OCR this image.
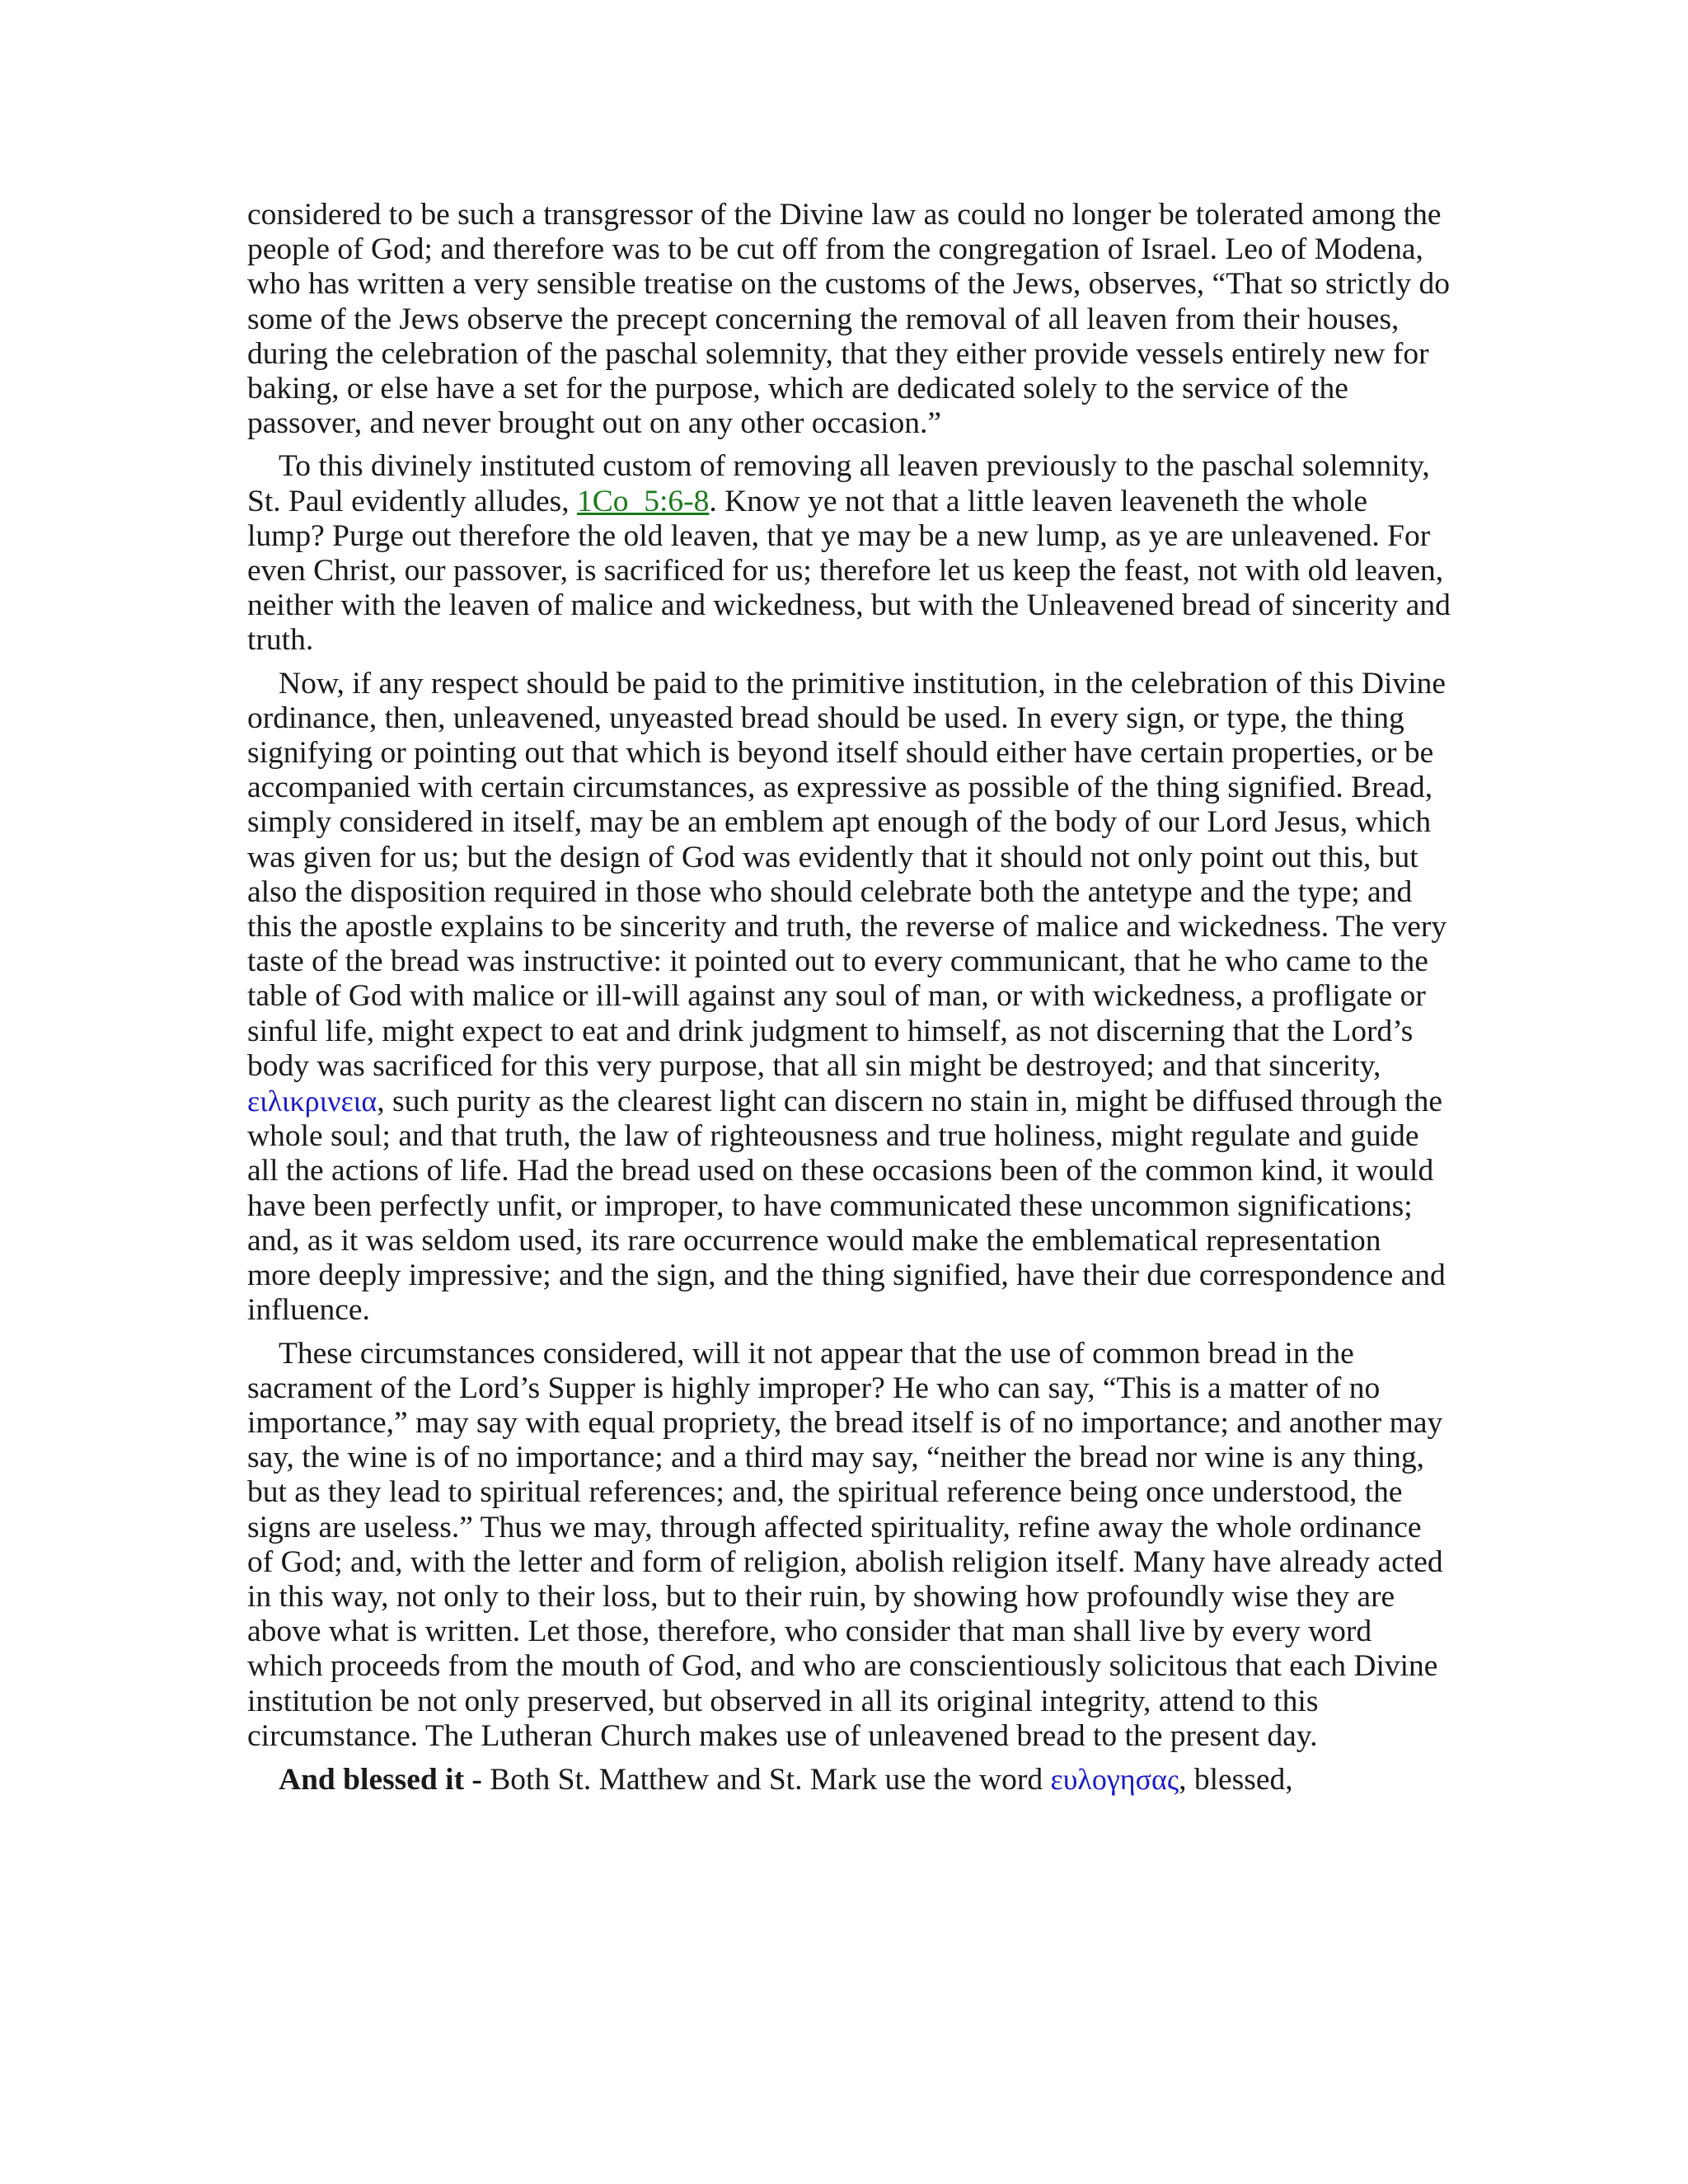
considered to be such a transgressor of the Divine law as could no longer be tolerated among the people of God; and therefore was to be cut off from the congregation of Israel. Leo of Modena, who has written a very sensible treatise on the customs of the Jews, observes, “That so strictly do some of the Jews observe the precept concerning the removal of all leaven from their houses, during the celebration of the paschal solemnity, that they either provide vessels entirely new for baking, or else have a set for the purpose, which are dedicated solely to the service of the passover, and never brought out on any other occasion.”

To this divinely instituted custom of removing all leaven previously to the paschal solemnity, St. Paul evidently alludes, 1Co_5:6-8. Know ye not that a little leaven leaveneth the whole lump? Purge out therefore the old leaven, that ye may be a new lump, as ye are unleavened. For even Christ, our passover, is sacrificed for us; therefore let us keep the feast, not with old leaven, neither with the leaven of malice and wickedness, but with the Unleavened bread of sincerity and truth.

Now, if any respect should be paid to the primitive institution, in the celebration of this Divine ordinance, then, unleavened, unyeasted bread should be used. In every sign, or type, the thing signifying or pointing out that which is beyond itself should either have certain properties, or be accompanied with certain circumstances, as expressive as possible of the thing signified. Bread, simply considered in itself, may be an emblem apt enough of the body of our Lord Jesus, which was given for us; but the design of God was evidently that it should not only point out this, but also the disposition required in those who should celebrate both the antetype and the type; and this the apostle explains to be sincerity and truth, the reverse of malice and wickedness. The very taste of the bread was instructive: it pointed out to every communicant, that he who came to the table of God with malice or ill-will against any soul of man, or with wickedness, a profligate or sinful life, might expect to eat and drink judgment to himself, as not discerning that the Lord’s body was sacrificed for this very purpose, that all sin might be destroyed; and that sincerity, ειλικρινεια, such purity as the clearest light can discern no stain in, might be diffused through the whole soul; and that truth, the law of righteousness and true holiness, might regulate and guide all the actions of life. Had the bread used on these occasions been of the common kind, it would have been perfectly unfit, or improper, to have communicated these uncommon significations; and, as it was seldom used, its rare occurrence would make the emblematical representation more deeply impressive; and the sign, and the thing signified, have their due correspondence and influence.

These circumstances considered, will it not appear that the use of common bread in the sacrament of the Lord’s Supper is highly improper? He who can say, “This is a matter of no importance,” may say with equal propriety, the bread itself is of no importance; and another may say, the wine is of no importance; and a third may say, “neither the bread nor wine is any thing, but as they lead to spiritual references; and, the spiritual reference being once understood, the signs are useless.” Thus we may, through affected spirituality, refine away the whole ordinance of God; and, with the letter and form of religion, abolish religion itself. Many have already acted in this way, not only to their loss, but to their ruin, by showing how profoundly wise they are above what is written. Let those, therefore, who consider that man shall live by every word which proceeds from the mouth of God, and who are conscientiously solicitous that each Divine institution be not only preserved, but observed in all its original integrity, attend to this circumstance. The Lutheran Church makes use of unleavened bread to the present day.

And blessed it - Both St. Matthew and St. Mark use the word ευλογησας, blessed,
